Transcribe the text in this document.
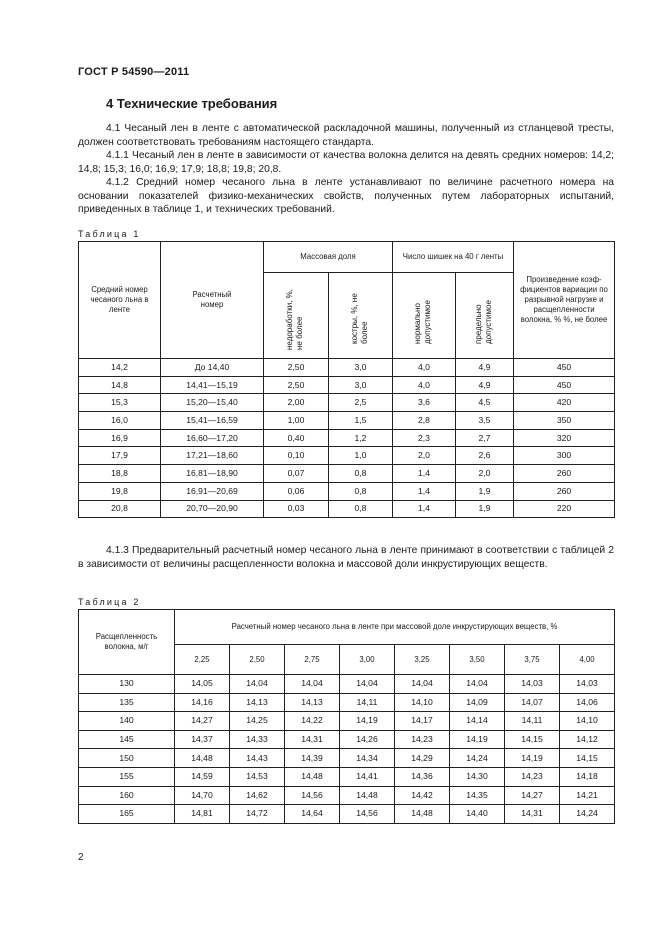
ГОСТ Р 54590—2011
4 Технические требования
4.1 Чесаный лен в ленте с автоматической раскладочной машины, полученный из стланцевой тресты, должен соответствовать требованиям настоящего стандарта.
4.1.1 Чесаный лен в ленте в зависимости от качества волокна делится на девять средних номеров: 14,2; 14,8; 15,3; 16,0; 16,9; 17,9; 18,8; 19,8; 20,8.
4.1.2 Средний номер чесаного льна в ленте устанавливают по величине расчетного номера на основании показателей физико-механических свойств, полученных путем лабораторных испытаний, приведенных в таблице 1, и технических требований.
Таблица 1
Средний номер чесаного льна в ленте	Расчетный номер	Массовая доля		Число шишек на 40 г ленты		Произведение коэф-фициентов вариации по разрывной нагрузке и расщепленности волокна, % %, не более

		недоработки, %, не более	костры, %, не более	нормально допустимое	предельно допустимое	
14,2	До 14,40	2,50	3,0	4,0	4,9	450
14,8	14,41—15,19	2,50	3,0	4,0	4,9	450
15,3	15,20—15,40	2,00	2,5	3,6	4,5	420
16,0	15,41—16,59	1,00	1,5	2,8	3,5	350
16,9	16,60—17,20	0,40	1,2	2,3	2,7	320
17,9	17,21—18,60	0,10	1,0	2,0	2,6	300
18,8	16,81—18,90	0,07	0,8	1,4	2,0	260
19,8	16,91—20,69	0,06	0,8	1,4	1,9	260
20,8	20,70—20,90	0,03	0,8	1,4	1,9	220
4.1.3 Предварительный расчетный номер чесаного льна в ленте принимают в соответствии с таблицей 2 в зависимости от величины расщепленности волокна и массовой доли инкрустирующих веществ.
Таблица 2
Расщепленность волокна, м/г	Расчетный номер чесаного льна в ленте при массовой доле инкрустирующих веществ, %							
	2,25	2,50	2,75	3,00	3,25	3,50	3,75	4,00
130	14,05	14,04	14,04	14,04	14,04	14,04	14,03	14,03
135	14,16	14,13	14,13	14,11	14,10	14,09	14,07	14,06
140	14,27	14,25	14,22	14,19	14,17	14,14	14,11	14,10
145	14,37	14,33	14,31	14,26	14,23	14,19	14,15	14,12
150	14,48	14,43	14,39	14,34	14,29	14,24	14,19	14,15
155	14,59	14,53	14,48	14,41	14,36	14,30	14,23	14,18
160	14,70	14,62	14,56	14,48	14,42	14,35	14,27	14,21
165	14,81	14,72	14,64	14,56	14,48	14,40	14,31	14,24
2
